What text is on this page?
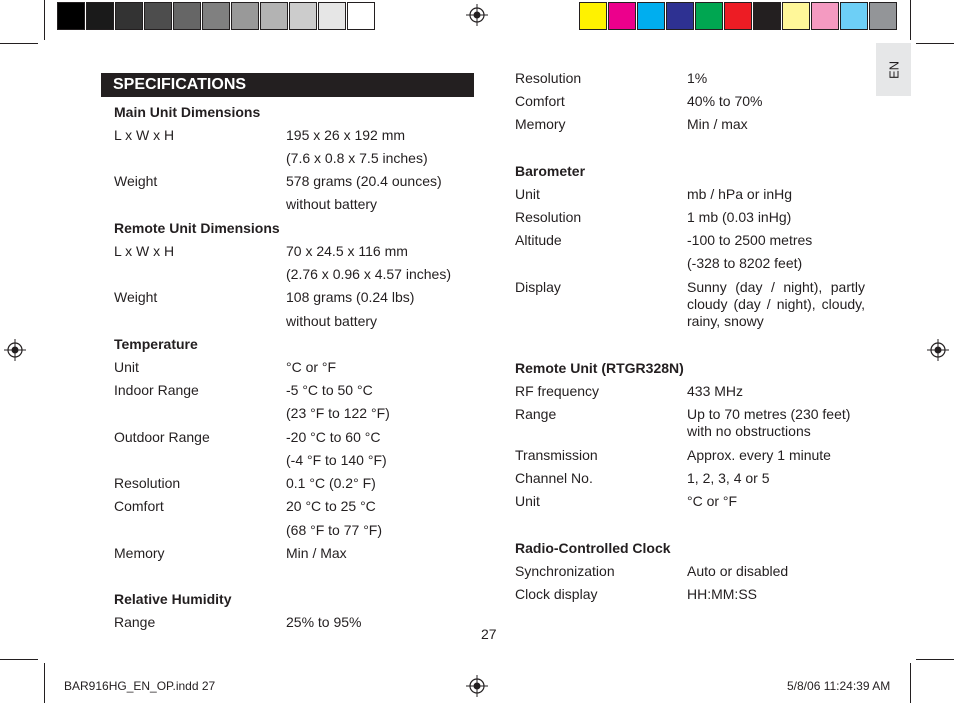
EN
SPECIFICATIONS
Main Unit Dimensions
L x W x H	195 x 26 x 192 mm
(7.6 x 0.8 x 7.5 inches)
Weight	578 grams (20.4 ounces)
without battery
Remote Unit Dimensions
L x W x H	70 x 24.5 x 116 mm
(2.76 x 0.96 x 4.57 inches)
Weight	108 grams (0.24 lbs)
without battery
Temperature
Unit	°C or °F
Indoor Range	-5 °C to 50 °C
(23 °F to 122 °F)
Outdoor Range	-20 °C to 60 °C
(-4 °F to 140 °F)
Resolution	0.1 °C (0.2° F)
Comfort	20 °C to 25 °C
(68 °F to 77 °F)
Memory	Min / Max
Relative Humidity
Range	25% to 95%
Resolution	1%
Comfort	40% to 70%
Memory	Min / max
Barometer
Unit	mb / hPa or inHg
Resolution	1 mb (0.03 inHg)
Altitude	-100 to 2500 metres
(-328 to 8202 feet)
Display	Sunny (day / night), partly cloudy (day / night), cloudy, rainy, snowy
Remote Unit (RTGR328N)
RF frequency	433 MHz
Range	Up to 70 metres (230 feet) with no obstructions
Transmission	Approx. every 1 minute
Channel No.	1, 2, 3, 4 or 5
Unit	°C or °F
Radio-Controlled Clock
Synchronization	Auto or disabled
Clock display	HH:MM:SS
27
BAR916HG_EN_OP.indd 27	5/8/06 11:24:39 AM
